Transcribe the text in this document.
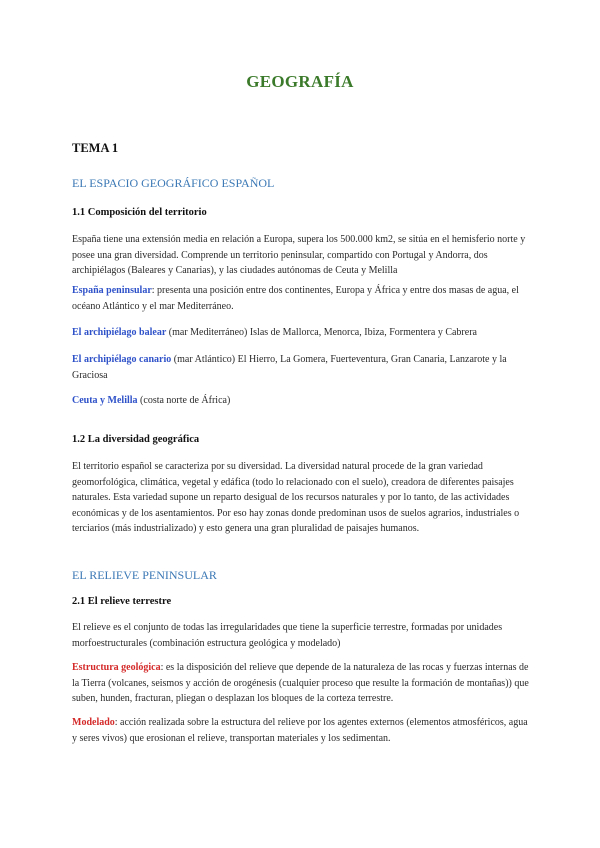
GEOGRAFÍA
TEMA 1
EL ESPACIO GEOGRÁFICO ESPAÑOL
1.1 Composición del territorio
España tiene una extensión media en relación a Europa, supera los 500.000 km2, se sitúa en el hemisferio norte y posee una gran diversidad. Comprende un territorio peninsular, compartido con Portugal y Andorra, dos archipiélagos (Baleares y Canarias), y las ciudades autónomas de Ceuta y Melilla
España peninsular: presenta una posición entre dos continentes, Europa y África y entre dos masas de agua, el océano Atlántico y el mar Mediterráneo.
El archipiélago balear (mar Mediterráneo) Islas de Mallorca, Menorca, Ibiza, Formentera y Cabrera
El archipiélago canario (mar Atlántico) El Hierro, La Gomera, Fuerteventura, Gran Canaria, Lanzarote y la Graciosa
Ceuta y Melilla (costa norte de África)
1.2 La diversidad geográfica
El territorio español se caracteriza por su diversidad. La diversidad natural procede de la gran variedad geomorfológica, climática, vegetal y edáfica (todo lo relacionado con el suelo), creadora de diferentes paisajes naturales. Esta variedad supone un reparto desigual de los recursos naturales y por lo tanto, de las actividades económicas y de los asentamientos. Por eso hay zonas donde predominan usos de suelos agrarios, industriales o terciarios (más industrializado) y esto genera una gran pluralidad de paisajes humanos.
EL RELIEVE PENINSULAR
2.1 El relieve terrestre
El relieve es el conjunto de todas las irregularidades que tiene la superficie terrestre, formadas por unidades morfoestructurales (combinación estructura geológica y modelado)
Estructura geológica: es la disposición del relieve que depende de la naturaleza de las rocas y fuerzas internas de la Tierra (volcanes, seismos y acción de orogénesis (cualquier proceso que resulte la formación de montañas)) que suben, hunden, fracturan, pliegan o desplazan los bloques de la corteza terrestre.
Modelado: acción realizada sobre la estructura del relieve por los agentes externos (elementos atmosféricos, agua y seres vivos) que erosionan el relieve, transportan materiales y los sedimentan.
